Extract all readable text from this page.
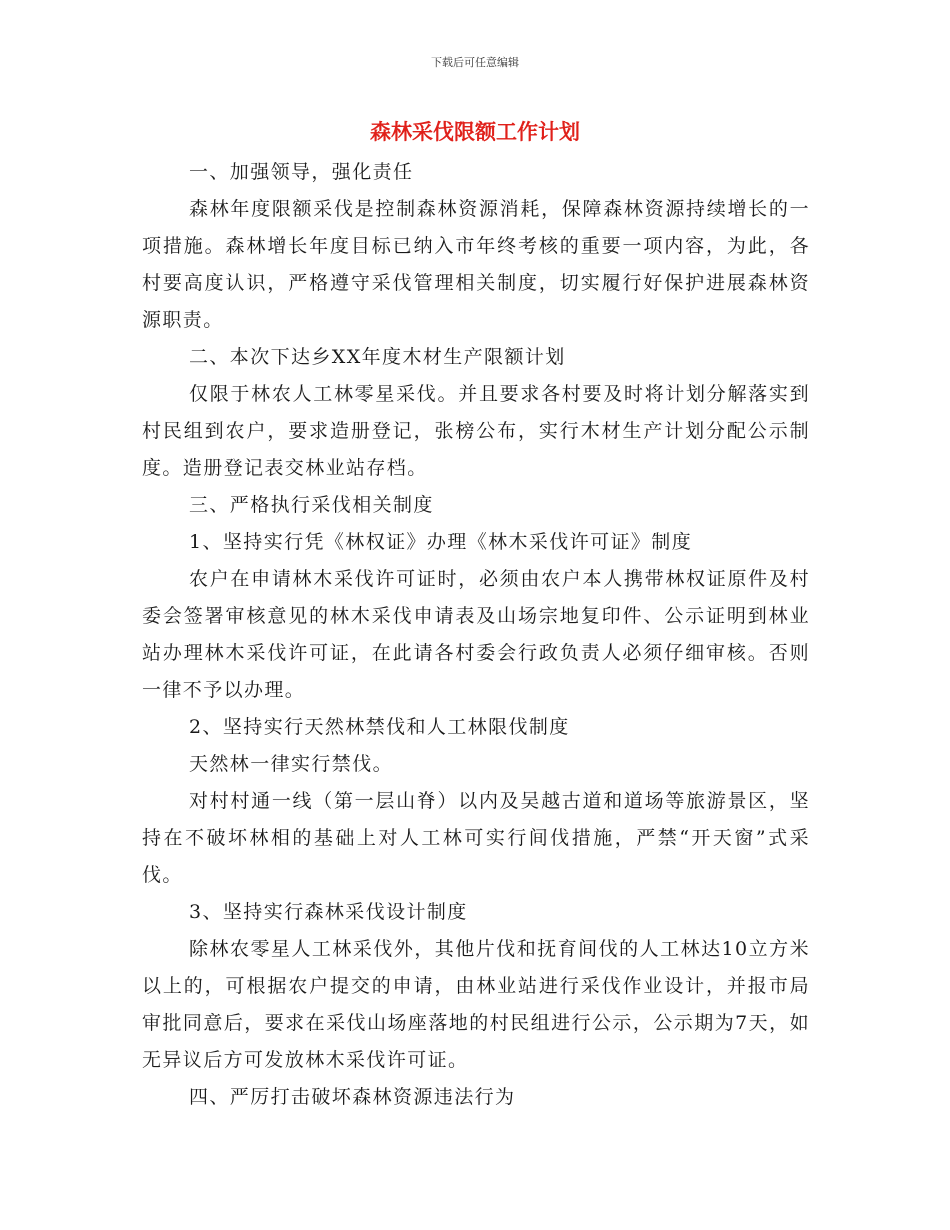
下载后可任意编辑
森林采伐限额工作计划

一、加强领导，强化责任

森林年度限额采伐是控制森林资源消耗，保障森林资源持续增长的一项措施。森林增长年度目标已纳入市年终考核的重要一项内容，为此，各村要高度认识，严格遵守采伐管理相关制度，切实履行好保护进展森林资源职责。

二、本次下达乡XX年度木材生产限额计划

仅限于林农人工林零星采伐。并且要求各村要及时将计划分解落实到村民组到农户，要求造册登记，张榜公布，实行木材生产计划分配公示制度。造册登记表交林业站存档。

三、严格执行采伐相关制度

1、坚持实行凭《林权证》办理《林木采伐许可证》制度

农户在申请林木采伐许可证时，必须由农户本人携带林权证原件及村委会签署审核意见的林木采伐申请表及山场宗地复印件、公示证明到林业站办理林木采伐许可证，在此请各村委会行政负责人必须仔细审核。否则一律不予以办理。

2、坚持实行天然林禁伐和人工林限伐制度

天然林一律实行禁伐。

对村村通一线（第一层山脊）以内及吴越古道和道场等旅游景区，坚持在不破坏林相的基础上对人工林可实行间伐措施，严禁“开天窗”式采伐。

3、坚持实行森林采伐设计制度

除林农零星人工林采伐外，其他片伐和抚育间伐的人工林达10立方米以上的，可根据农户提交的申请，由林业站进行采伐作业设计，并报市局审批同意后，要求在采伐山场座落地的村民组进行公示，公示期为7天，如无异议后方可发放林木采伐许可证。

四、严厉打击破坏森林资源违法行为
